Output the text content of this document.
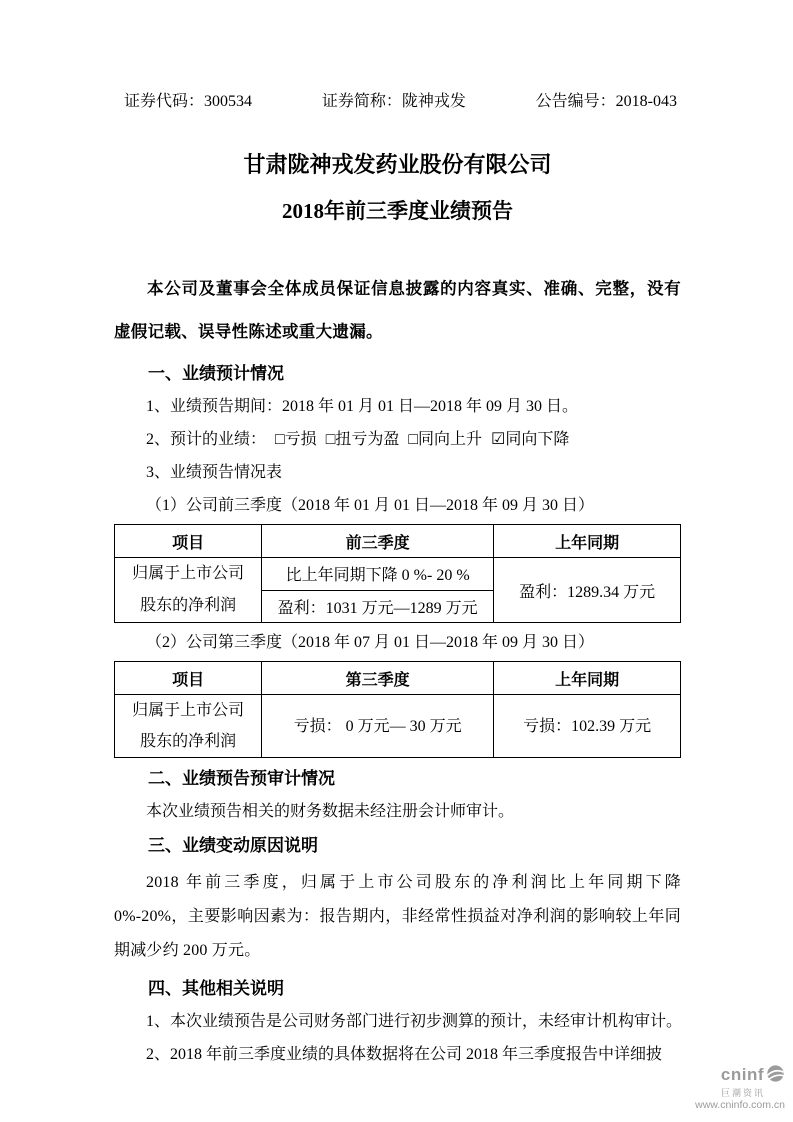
证券代码：300534	证券简称：陇神戎发	公告编号：2018-043
甘肃陇神戎发药业股份有限公司
2018年前三季度业绩预告

本公司及董事会全体成员保证信息披露的内容真实、准确、完整，没有虚假记载、误导性陈述或重大遗漏。

一、业绩预计情况

1、业绩预告期间：2018 年 01 月 01 日—2018 年 09 月 30 日。

2、预计的业绩： □亏损 □扭亏为盈 □同向上升 ☑同向下降

3、业绩预告情况表

（1）公司前三季度（2018 年 01 月 01 日—2018 年 09 月 30 日）

项目	前三季度	上年同期
归属于上市公司股东的净利润	比上年同期下降 0 %- 20 %	盈利：1289.34 万元
	盈利：1031 万元—1289 万元	

（2）公司第三季度（2018 年 07 月 01 日—2018 年 09 月 30 日）

项目	第三季度	上年同期
归属于上市公司股东的净利润	亏损： 0 万元— 30 万元	亏损：102.39 万元
二、业绩预告预审计情况

本次业绩预告相关的财务数据未经注册会计师审计。

三、业绩变动原因说明

2018 年前三季度，归属于上市公司股东的净利润比上年同期下降 0%-20%，主要影响因素为：报告期内，非经常性损益对净利润的影响较上年同期减少约 200 万元。

四、其他相关说明

1、本次业绩预告是公司财务部门进行初步测算的预计，未经审计机构审计。

2、2018 年前三季度业绩的具体数据将在公司 2018 年三季度报告中详细披

cninf
巨潮资讯
www.cninfo.com.cn
